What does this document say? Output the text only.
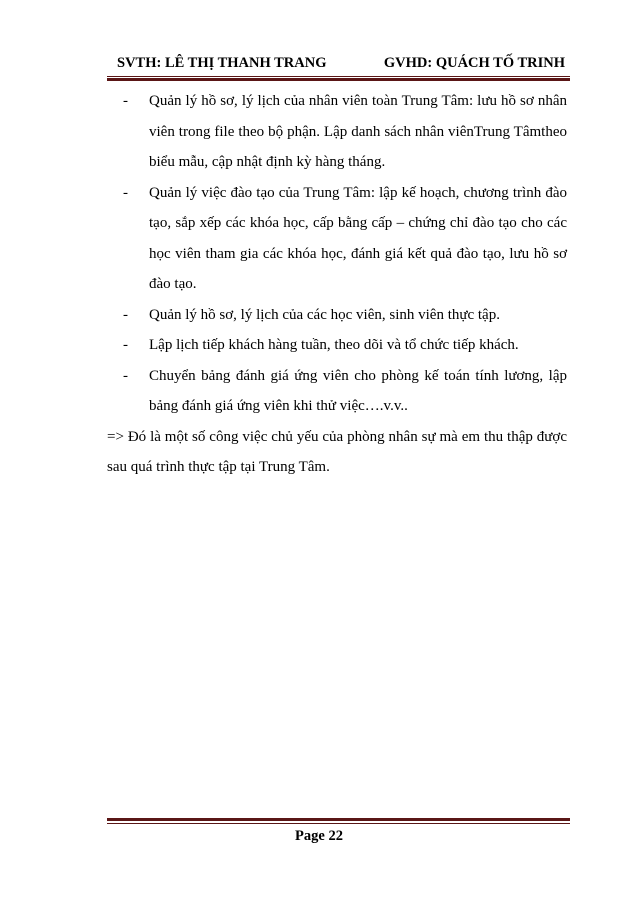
SVTH: LÊ THỊ THANH TRANG	GVHD: QUÁCH TỐ TRINH
- Quản lý hồ sơ, lý lịch của nhân viên toàn Trung Tâm: lưu hồ sơ nhân viên trong file theo bộ phận. Lập danh sách nhân viênTrung Tâmtheo biểu mẫu, cập nhật định kỳ hàng tháng.
- Quản lý việc đào tạo của Trung Tâm: lập kế hoạch, chương trình đào tạo, sắp xếp các khóa học, cấp bằng cấp – chứng chỉ đào tạo cho các học viên tham gia các khóa học, đánh giá kết quả đào tạo, lưu hồ sơ đào tạo.
- Quản lý hồ sơ, lý lịch của các học viên, sinh viên thực tập.
- Lập lịch tiếp khách hàng tuần, theo dõi và tổ chức tiếp khách.
- Chuyển bảng đánh giá ứng viên cho phòng kế toán tính lương, lập bảng đánh giá ứng viên khi thử việc….v.v..
=> Đó là một số công việc chủ yếu của phòng nhân sự mà em thu thập được sau quá trình thực tập tại Trung Tâm.
Page 22
